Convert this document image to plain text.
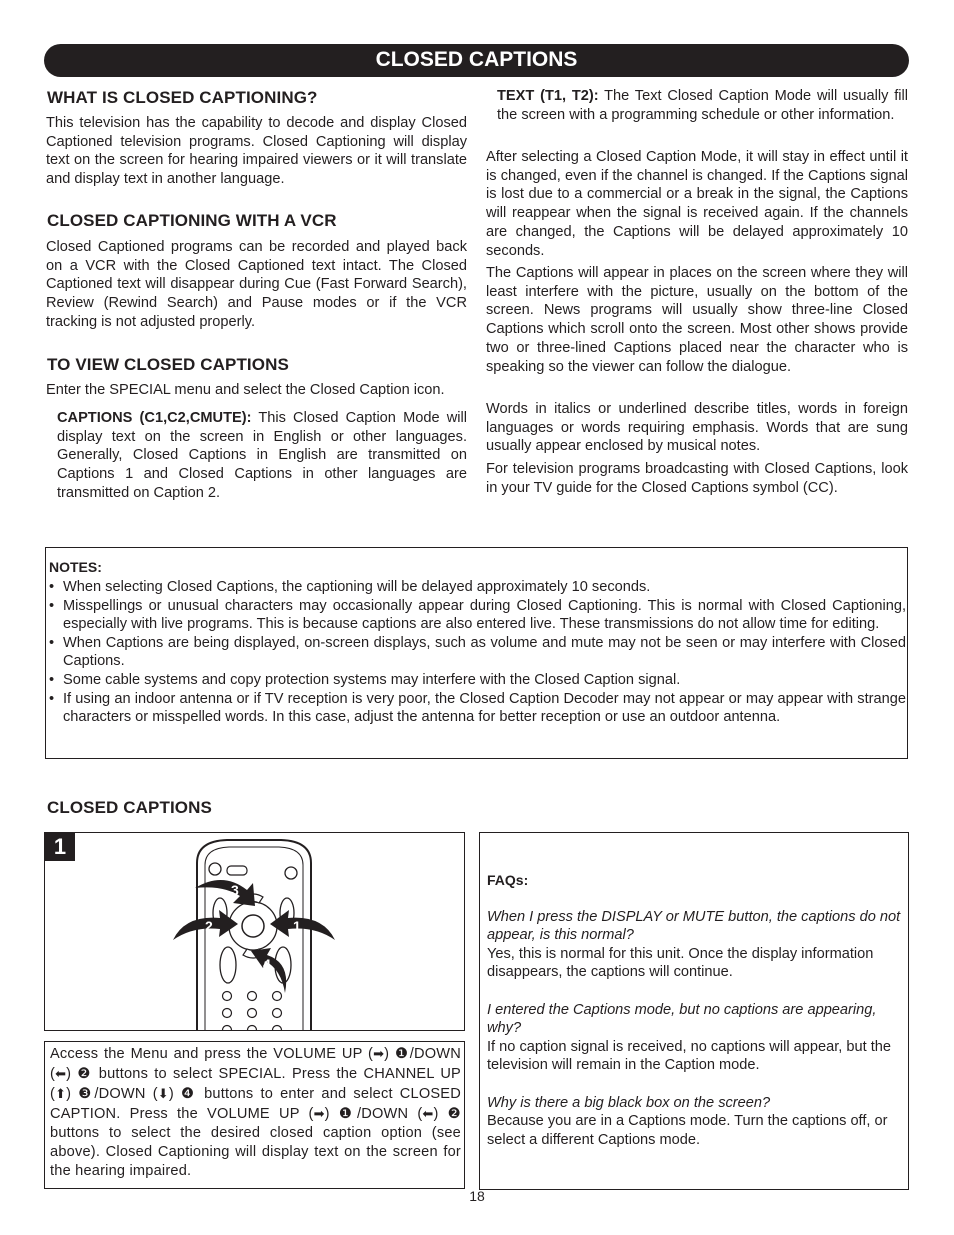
CLOSED CAPTIONS
WHAT IS CLOSED CAPTIONING?

This television has the capability to decode and display Closed Captioned television programs. Closed Captioning will display text on the screen for hearing impaired viewers or it will translate and display text in another language.

CLOSED CAPTIONING WITH A VCR

Closed Captioned programs can be recorded and played back on a VCR with the Closed Captioned text intact. The Closed Captioned text will disappear during Cue (Fast Forward Search), Review (Rewind Search) and Pause modes or if the VCR tracking is not adjusted properly.

TO VIEW CLOSED CAPTIONS

Enter the SPECIAL menu and select the Closed Caption icon.

CAPTIONS (C1,C2,CMUTE): This Closed Caption Mode will display text on the screen in English or other languages. Generally, Closed Captions in English are transmitted on Captions 1 and Closed Captions in other languages are transmitted on Caption 2.

TEXT (T1, T2): The Text Closed Caption Mode will usually fill the screen with a programming schedule or other information.

After selecting a Closed Caption Mode, it will stay in effect until it is changed, even if the channel is changed. If the Captions signal is lost due to a commercial or a break in the signal, the Captions will reappear when the signal is received again. If the channels are changed, the Captions will be delayed approximately 10 seconds.

The Captions will appear in places on the screen where they will least interfere with the picture, usually on the bottom of the screen. News programs will usually show three-line Closed Captions which scroll onto the screen. Most other shows provide two or three-lined Captions placed near the character who is speaking so the viewer can follow the dialogue.

Words in italics or underlined describe titles, words in foreign languages or words requiring emphasis. Words that are sung usually appear enclosed by musical notes.

For television programs broadcasting with Closed Captions, look in your TV guide for the Closed Captions symbol (CC).

NOTES:

• When selecting Closed Captions, the captioning will be delayed approximately 10 seconds.
• Misspellings or unusual characters may occasionally appear during Closed Captioning. This is normal with Closed Captioning, especially with live programs. This is because captions are also entered live. These transmissions do not allow time for editing.
• When Captions are being displayed, on-screen displays, such as volume and mute may not be seen or may interfere with Closed Captions.
• Some cable systems and copy protection systems may interfere with the Closed Caption signal.
• If using an indoor antenna or if TV reception is very poor, the Closed Caption Decoder may not appear or may appear with strange characters or misspelled words. In this case, adjust the antenna for better reception or use an outdoor antenna.
CLOSED CAPTIONS
1
3
2	1
4

Access the Menu and press the VOLUME UP (➡) ❶/DOWN (⬅) ❷ buttons to select SPECIAL. Press the CHANNEL UP (⬆) ❸/DOWN (⬇) ❹ buttons to enter and select CLOSED CAPTION. Press the VOLUME UP (➡) ❶/DOWN (⬅) ❷ buttons to select the desired closed caption option (see above). Closed Captioning will display text on the screen for the hearing impaired.

FAQs:

When I press the DISPLAY or MUTE button, the captions do not appear, is this normal?

Yes, this is normal for this unit. Once the display information disappears, the captions will continue.

I entered the Captions mode, but no captions are appearing, why?

If no caption signal is received, no captions will appear, but the television will remain in the Caption mode.

Why is there a big black box on the screen?

Because you are in a Captions mode. Turn the captions off, or select a different Captions mode.

18
